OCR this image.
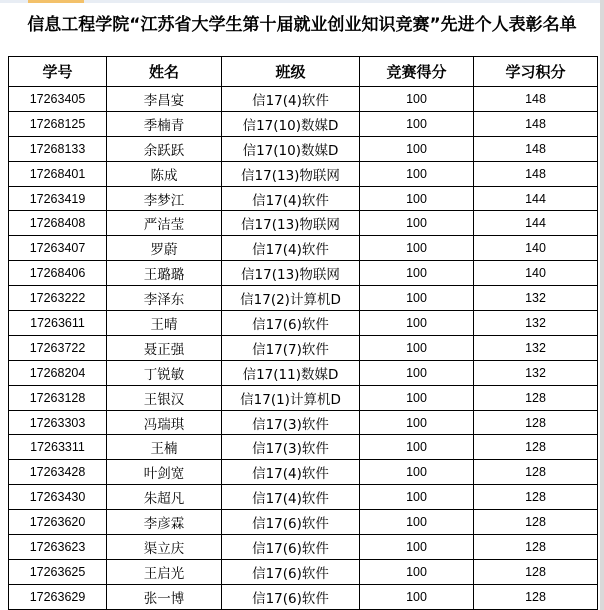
信息工程学院“江苏省大学生第十届就业创业知识竞赛”先进个人表彰名单
学号	姓名	班级	竞赛得分	学习积分
17263405	李昌宴	信17(4)软件	100	148
17268125	季楠青	信17(10)数媒D	100	148
17268133	余跃跃	信17(10)数媒D	100	148
17268401	陈成	信17(13)物联网	100	148
17263419	李梦江	信17(4)软件	100	144
17268408	严洁莹	信17(13)物联网	100	144
17263407	罗蔚	信17(4)软件	100	140
17268406	王璐璐	信17(13)物联网	100	140
17263222	李泽东	信17(2)计算机D	100	132
17263611	王晴	信17(6)软件	100	132
17263722	聂正强	信17(7)软件	100	132
17268204	丁锐敏	信17(11)数媒D	100	132
17263128	王银汉	信17(1)计算机D	100	128
17263303	冯瑞琪	信17(3)软件	100	128
17263311	王楠	信17(3)软件	100	128
17263428	叶剑宽	信17(4)软件	100	128
17263430	朱超凡	信17(4)软件	100	128
17263620	李彦霖	信17(6)软件	100	128
17263623	渠立庆	信17(6)软件	100	128
17263625	王启光	信17(6)软件	100	128
17263629	张一博	信17(6)软件	100	128
